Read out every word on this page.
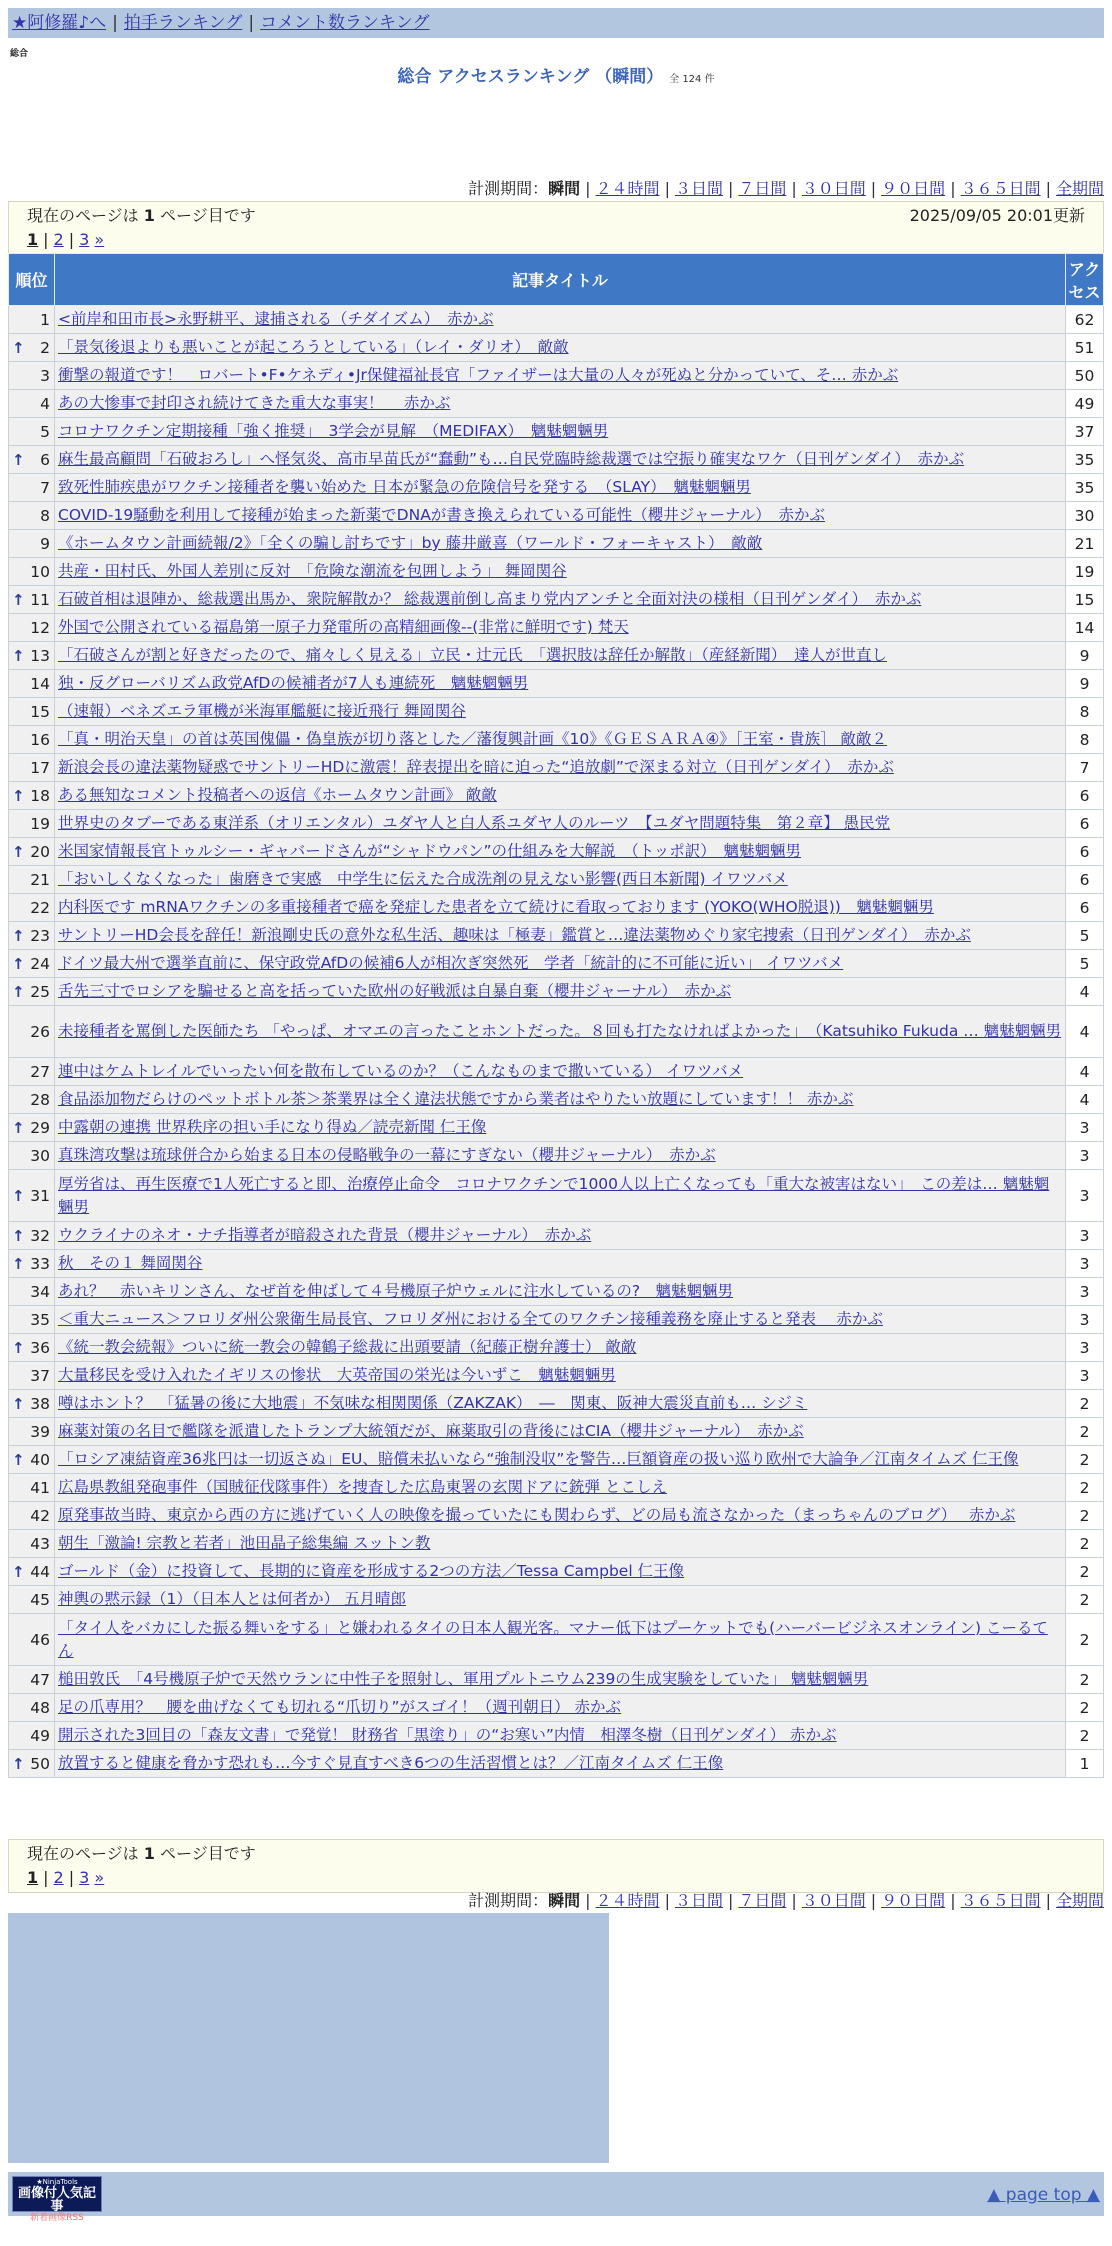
★阿修羅♪へ | 拍手ランキング | コメント数ランキング
総合
総合 アクセスランキング （瞬間） 全 124 件
計測期間：瞬間 | ２４時間 | ３日間 | ７日間 | ３０日間 | ９０日間 | ３６５日間 | 全期間
現在のページは 1 ページ目です	2025/09/05 20:01更新
1 | 2 | 3 »
順位	記事タイトル	アクセス
1	<前岸和田市長>永野耕平、逮捕される（チダイズム）　赤かぶ	62

↑ 2	「景気後退よりも悪いことが起ころうとしている」（レイ・ダリオ）　敵敵	51
3	衝撃の報道です！　ロバート•F•ケネディ•Jr保健福祉長官「ファイザーは大量の人々が死ぬと分かっていて、そ… 赤かぶ	50
4	あの大惨事で封印され続けてきた重大な事実！　 赤かぶ	49
5	コロナワクチン定期接種「強く推奨」　3学会が見解　（MEDIFAX）　魑魅魍魎男	37

↑ 6	麻生最高顧問「石破おろし」へ怪気炎、高市早苗氏が“蠢動”も…自民党臨時総裁選では空振り確実なワケ（日刊ゲンダイ）　赤かぶ	35
7	致死性肺疾患がワクチン接種者を襲い始めた 日本が緊急の危険信号を発する　（SLAY）　魑魅魍魎男	35
8	COVID-19騒動を利用して接種が始まった新薬でDNAが書き換えられている可能性（櫻井ジャーナル）　赤かぶ	30
9	《ホームタウン計画続報/2》「全くの騙し討ちです」by 藤井厳喜（ワールド・フォーキャスト）　敵敵	21
10	共産・田村氏、外国人差別に反対　「危険な潮流を包囲しよう」 舞岡関谷	19

↑ 11	石破首相は退陣か、総裁選出馬か、衆院解散か？ 総裁選前倒し高まり党内アンチと全面対決の様相（日刊ゲンダイ）　赤かぶ	15
12	外国で公開されている福島第一原子力発電所の高精細画像--(非常に鮮明です) 梵天	14

↑ 13	「石破さんが割と好きだったので、痛々しく見える」立民・辻元氏　「選択肢は辞任か解散」（産経新聞）　達人が世直し	9
14	独・反グローバリズム政党AfDの候補者が7人も連続死　魑魅魍魎男	9
15	（速報）ベネズエラ軍機が米海軍艦艇に接近飛行 舞岡関谷	8
16	「真・明治天皇」の首は英国傀儡・偽皇族が切り落とした／藩復興計画《10》《ＧＥＳＡＲＡ④》［王室・貴族］ 敵敵２	8
17	新浪会長の違法薬物疑惑でサントリーHDに激震！辞表提出を暗に迫った“追放劇”で深まる対立（日刊ゲンダイ）　赤かぶ	7

↑ 18	ある無知なコメント投稿者への返信《ホームタウン計画》 敵敵	6
19	世界史のタブーである東洋系（オリエンタル）ユダヤ人と白人系ユダヤ人のルーツ　【ユダヤ問題特集　第２章】 愚民党	6

↑ 20	米国家情報長官トゥルシー・ギャバードさんが“シャドウパン”の仕組みを大解説　（トッポ訳）　魑魅魍魎男	6
21	「おいしくなくなった」歯磨きで実感　中学生に伝えた合成洗剤の見えない影響(西日本新聞) イワツバメ	6
22	内科医です mRNAワクチンの多重接種者で癌を発症した患者を立て続けに看取っております (YOKO(WHO脱退))　魑魅魍魎男	6

↑ 23	サントリーHD会長を辞任！新浪剛史氏の意外な私生活、趣味は「極妻」鑑賞と…違法薬物めぐり家宅捜索（日刊ゲンダイ）　赤かぶ	5

↑ 24	ドイツ最大州で選挙直前に、保守政党AfDの候補6人が相次ぎ突然死　学者「統計的に不可能に近い」 イワツバメ	5

↑ 25	舌先三寸でロシアを騙せると高を括っていた欧州の好戦派は自暴自棄（櫻井ジャーナル）　赤かぶ	4
26	未接種者を罵倒した医師たち 「やっぱ、オマエの言ったことホントだった。８回も打たなければよかった」　（Katsuhiko Fukuda … 魑魅魍魎男	4
27	連中はケムトレイルでいったい何を散布しているのか？（こんなものまで撒いている） イワツバメ	4
28	食品添加物だらけのペットボトル茶＞茶業界は全く違法状態ですから業者はやりたい放題にしています！！ 赤かぶ	4

↑ 29	中露朝の連携 世界秩序の担い手になり得ぬ／読売新聞 仁王像	3
30	真珠湾攻撃は琉球併合から始まる日本の侵略戦争の一幕にすぎない（櫻井ジャーナル）　赤かぶ	3

↑ 31	厚労省は、再生医療で1人死亡すると即、治療停止命令　コロナワクチンで1000人以上亡くなっても「重大な被害はない」　この差は… 魑魅魍魎男	3

↑ 32	ウクライナのネオ・ナチ指導者が暗殺された背景（櫻井ジャーナル）　赤かぶ	3

↑ 33	秋　その１ 舞岡関谷	3
34	あれ？　赤いキリンさん、なぜ首を伸ばして４号機原子炉ウェルに注水しているの?　魑魅魍魎男	3
35	＜重大ニュース＞フロリダ州公衆衛生局長官、フロリダ州における全てのワクチン接種義務を廃止すると発表　 赤かぶ	3

↑ 36	《統一教会続報》ついに統一教会の韓鶴子総裁に出頭要請（紀藤正樹弁護士） 敵敵	3
37	大量移民を受け入れたイギリスの惨状　大英帝国の栄光は今いずこ　魑魅魍魎男	3

↑ 38	噂はホント？　「猛暑の後に大地震」不気味な相関関係（ZAKZAK）　―　関東、阪神大震災直前も… シジミ	2
39	麻薬対策の名目で艦隊を派遣したトランプ大統領だが、麻薬取引の背後にはCIA（櫻井ジャーナル）　赤かぶ	2

↑ 40	「ロシア凍結資産36兆円は一切返さぬ」EU、賠償未払いなら“強制没収”を警告…巨額資産の扱い巡り欧州で大論争／江南タイムズ 仁王像	2
41	広島県教組発砲事件（国賊征伐隊事件）を捜査した広島東署の玄関ドアに銃弾 とこしえ	2
42	原発事故当時、東京から西の方に逃げていく人の映像を撮っていたにも関わらず、どの局も流さなかった（まっちゃんのブログ）　 赤かぶ	2
43	朝生「激論! 宗教と若者」池田晶子総集編 スットン教	2

↑ 44	ゴールド（金）に投資して、長期的に資産を形成する2つの方法／Tessa Campbel 仁王像	2
45	神輿の黙示録（1）（日本人とは何者か） 五月晴郎	2
46	「タイ人をバカにした振る舞いをする」と嫌われるタイの日本人観光客。マナー低下はプーケットでも(ハーバービジネスオンライン) こーるてん	2
47	槌田敦氏　「4号機原子炉で天然ウランに中性子を照射し、軍用プルトニウム239の生成実験をしていた」 魑魅魍魎男	2
48	足の爪専用？　腰を曲げなくても切れる“爪切り”がスゴイ！（週刊朝日） 赤かぶ	2
49	開示された3回目の「森友文書」で発覚！ 財務省「黒塗り」の“お寒い”内情　相澤冬樹（日刊ゲンダイ） 赤かぶ	2

↑ 50	放置すると健康を脅かす恐れも…今すぐ見直すべき6つの生活習慣とは？／江南タイムズ 仁王像	1
現在のページは 1 ページ目です
1 | 2 | 3 »
計測期間：瞬間 | ２４時間 | ３日間 | ７日間 | ３０日間 | ９０日間 | ３６５日間 | 全期間
★NinjaTools
画像付人気記事
新着画像RSS
▲ page top ▲
